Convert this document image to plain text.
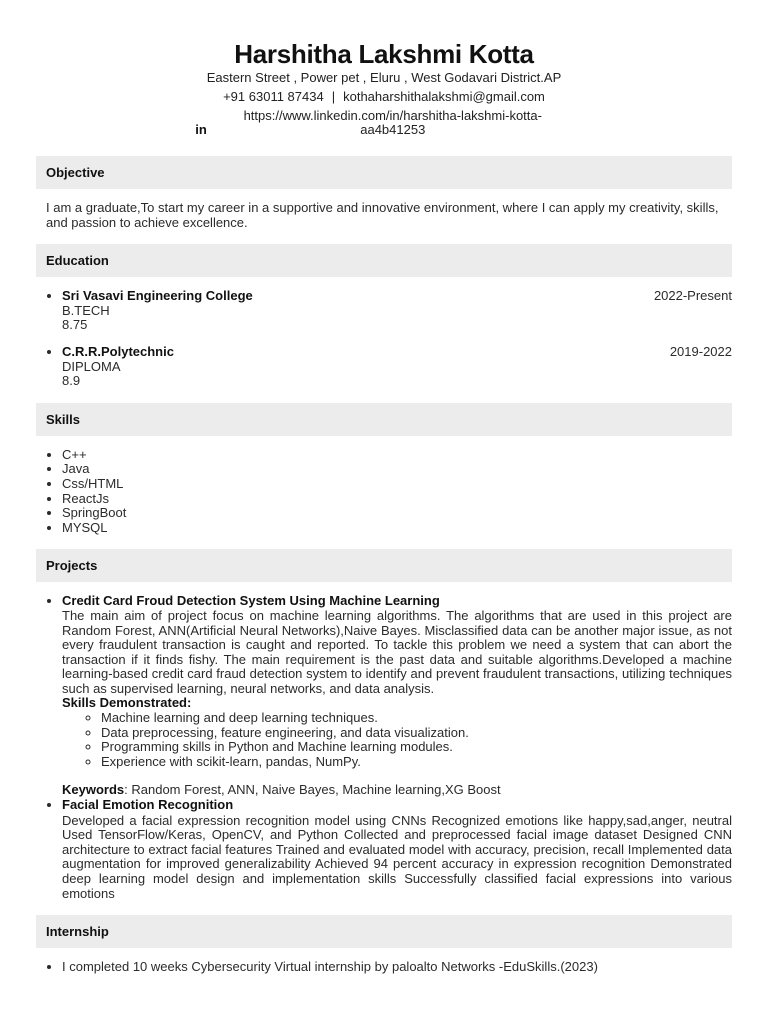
Harshitha Lakshmi Kotta
Eastern Street , Power pet , Eluru , West Godavari District.AP
+91 63011 87434 | kothaharshithalakshmi@gmail.com
inhttps://www.linkedin.com/in/harshitha-lakshmi-kotta-aa4b41253
Objective
I am a graduate,To start my career in a supportive and innovative environment, where I can apply my creativity, skills, and passion to achieve excellence.
Education
• Sri Vasavi Engineering College	2022-Present
B.TECH
8.75
• C.R.R.Polytechnic	2019-2022
DIPLOMA
8.9
Skills
• C++
• Java
• Css/HTML
• ReactJs
• SpringBoot
• MYSQL
Projects
• Credit Card Froud Detection System Using Machine Learning
The main aim of project focus on machine learning algorithms. The algorithms that are used in this project are Random Forest, ANN(Artificial Neural Networks),Naive Bayes. Misclassified data can be another major issue, as not every fraudulent transaction is caught and reported. To tackle this problem we need a system that can abort the transaction if it finds fishy. The main requirement is the past data and suitable algorithms.Developed a machine learning-based credit card fraud detection system to identify and prevent fraudulent transactions, utilizing techniques such as supervised learning, neural networks, and data analysis.
Skills Demonstrated:
◦ Machine learning and deep learning techniques.
◦ Data preprocessing, feature engineering, and data visualization.
◦ Programming skills in Python and Machine learning modules.
◦ Experience with scikit-learn, pandas, NumPy.
Keywords: Random Forest, ANN, Naive Bayes, Machine learning,XG Boost
• Facial Emotion Recognition
Developed a facial expression recognition model using CNNs Recognized emotions like happy,sad,anger, neutral Used TensorFlow/Keras, OpenCV, and Python Collected and preprocessed facial image dataset Designed CNN architecture to extract facial features Trained and evaluated model with accuracy, precision, recall Implemented data augmentation for improved generalizability Achieved 94 percent accuracy in expression recognition Demonstrated deep learning model design and implementation skills Successfully classified facial expressions into various emotions
Internship
• I completed 10 weeks Cybersecurity Virtual internship by paloalto Networks -EduSkills.(2023)
